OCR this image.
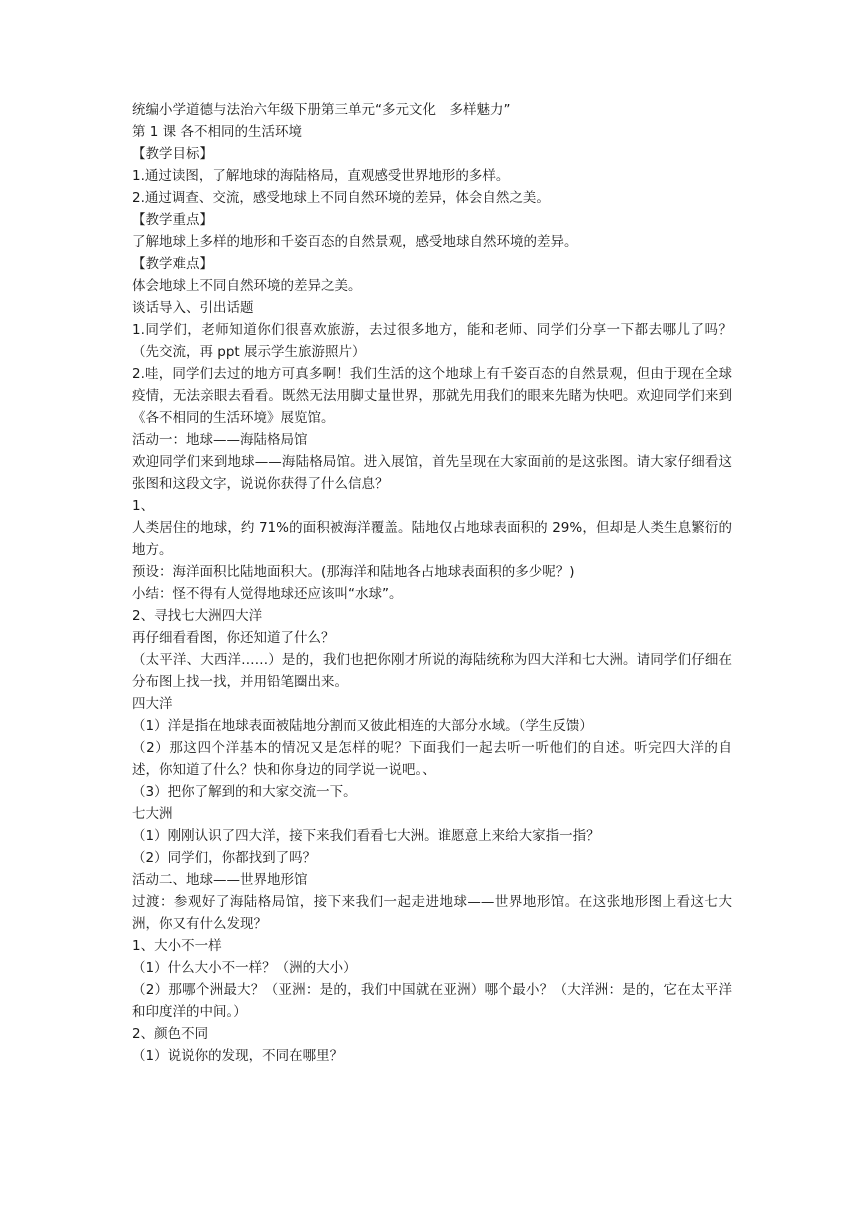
统编小学道德与法治六年级下册第三单元“多元文化　多样魅力”

第 1 课 各不相同的生活环境

【教学目标】

1.通过读图，了解地球的海陆格局，直观感受世界地形的多样。

2.通过调查、交流，感受地球上不同自然环境的差异，体会自然之美。

【教学重点】

了解地球上多样的地形和千姿百态的自然景观，感受地球自然环境的差异。

【教学难点】

体会地球上不同自然环境的差异之美。

谈话导入、引出话题

1.同学们，老师知道你们很喜欢旅游，去过很多地方，能和老师、同学们分享一下都去哪儿了吗？（先交流，再 ppt 展示学生旅游照片）

2.哇，同学们去过的地方可真多啊！我们生活的这个地球上有千姿百态的自然景观，但由于现在全球疫情，无法亲眼去看看。既然无法用脚丈量世界，那就先用我们的眼来先睹为快吧。欢迎同学们来到《各不相同的生活环境》展览馆。

活动一：地球——海陆格局馆

欢迎同学们来到地球——海陆格局馆。进入展馆，首先呈现在大家面前的是这张图。请大家仔细看这张图和这段文字，说说你获得了什么信息？

1、

人类居住的地球，约 71%的面积被海洋覆盖。陆地仅占地球表面积的 29%，但却是人类生息繁衍的地方。

预设：海洋面积比陆地面积大。(那海洋和陆地各占地球表面积的多少呢？)

小结：怪不得有人觉得地球还应该叫“水球”。

2、寻找七大洲四大洋

再仔细看看图，你还知道了什么？

（太平洋、大西洋……）是的，我们也把你刚才所说的海陆统称为四大洋和七大洲。请同学们仔细在分布图上找一找，并用铅笔圈出来。

四大洋

（1）洋是指在地球表面被陆地分割而又彼此相连的大部分水域。（学生反馈）

（2）那这四个洋基本的情况又是怎样的呢？下面我们一起去听一听他们的自述。听完四大洋的自述，你知道了什么？快和你身边的同学说一说吧。、

（3）把你了解到的和大家交流一下。

七大洲

（1）刚刚认识了四大洋，接下来我们看看七大洲。谁愿意上来给大家指一指？

（2）同学们，你都找到了吗？

活动二、地球——世界地形馆

过渡：参观好了海陆格局馆，接下来我们一起走进地球——世界地形馆。在这张地形图上看这七大洲，你又有什么发现？

1、大小不一样

（1）什么大小不一样？（洲的大小）

（2）那哪个洲最大？（亚洲：是的，我们中国就在亚洲）哪个最小？（大洋洲：是的，它在太平洋和印度洋的中间。）

2、颜色不同

（1）说说你的发现，不同在哪里？
